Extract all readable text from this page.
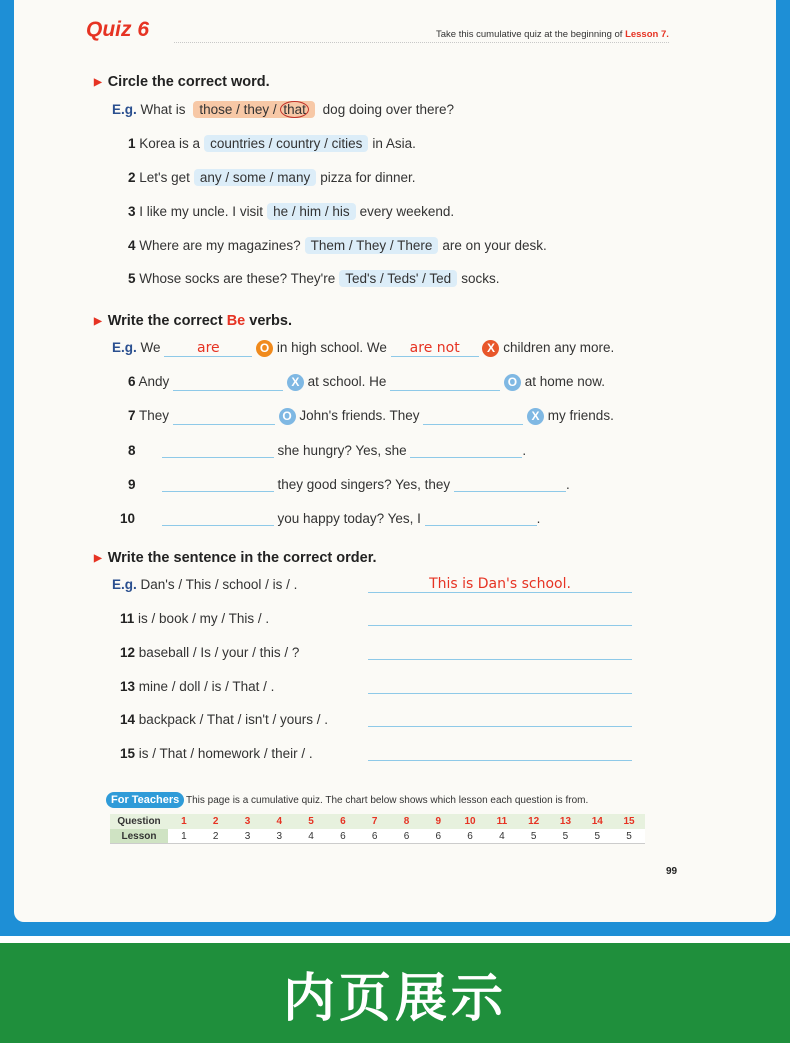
Quiz 6	Take this cumulative quiz at the beginning of Lesson 7.
▶ Circle the correct word.
E.g. What is those / they / that dog doing over there?
1 Korea is a countries / country / cities in Asia.
2 Let's get any / some / many pizza for dinner.
3 I like my uncle. I visit he / him / his every weekend.
4 Where are my magazines? Them / They / There are on your desk.
5 Whose socks are these? They're Ted's / Teds' / Ted socks.
▶ Write the correct Be verbs.
E.g. We	are	O in high school. We are not X children any more.
6 Andy	X at school. He	O at home now.
7 They	O John's friends. They	X my friends.
8	she hungry? Yes, she	.
9	they good singers? Yes, they	.
10	you happy today? Yes, I	.
▶ Write the sentence in the correct order.
E.g. Dan's / This / school / is / .	This is Dan's school.
11 is / book / my / This / .
12 baseball / Is / your / this / ?
13 mine / doll / is / That / .
14 backpack / That / isn't / yours / .
15 is / That / homework / their / .
For Teachers This page is a cumulative quiz. The chart below shows which lesson each question is from.
Question	1	2	3	4	5	6	7	8	9	10	11	12	13	14	15
Lesson	1	2	3	3	4	6	6	6	6	6	4	5	5	5	5
99
内页展示
